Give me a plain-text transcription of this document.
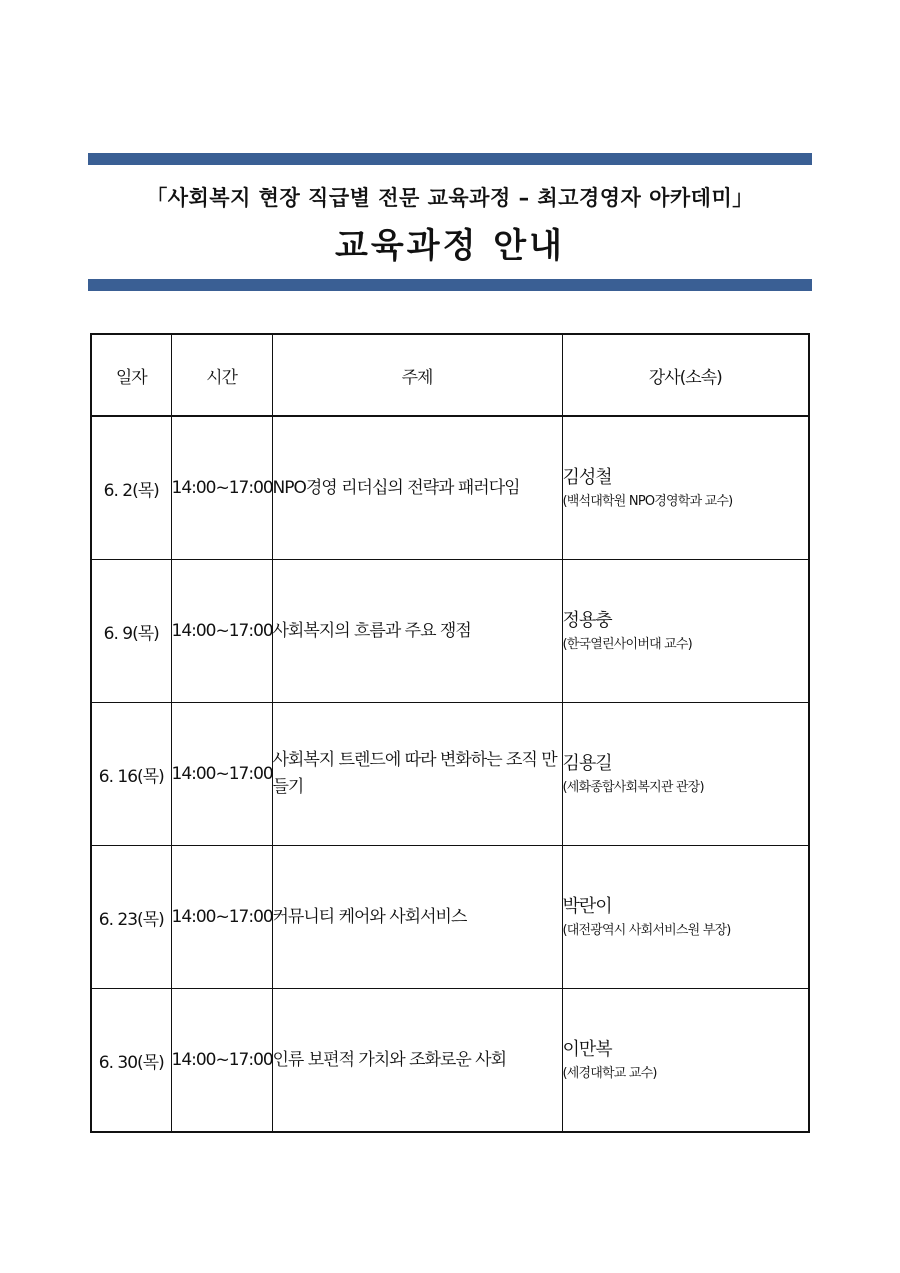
「사회복지 현장 직급별 전문 교육과정 – 최고경영자 아카데미」
교육과정 안내
일자	시간	주제	강사(소속)
6. 2(목)	14:00~17:00	NPO경영 리더십의 전략과 패러다임	김성철
(백석대학원 NPO경영학과 교수)

6. 9(목)	14:00~17:00	사회복지의 흐름과 주요 쟁점	정용충
(한국열린사이버대 교수)

6. 16(목)	14:00~17:00	사회복지 트렌드에 따라 변화하는 조직 만들기	김용길
(세화종합사회복지관 관장)

6. 23(목)	14:00~17:00	커뮤니티 케어와 사회서비스	박란이
(대전광역시 사회서비스원 부장)

6. 30(목)	14:00~17:00	인류 보편적 가치와 조화로운 사회	이만복
(세경대학교 교수)
